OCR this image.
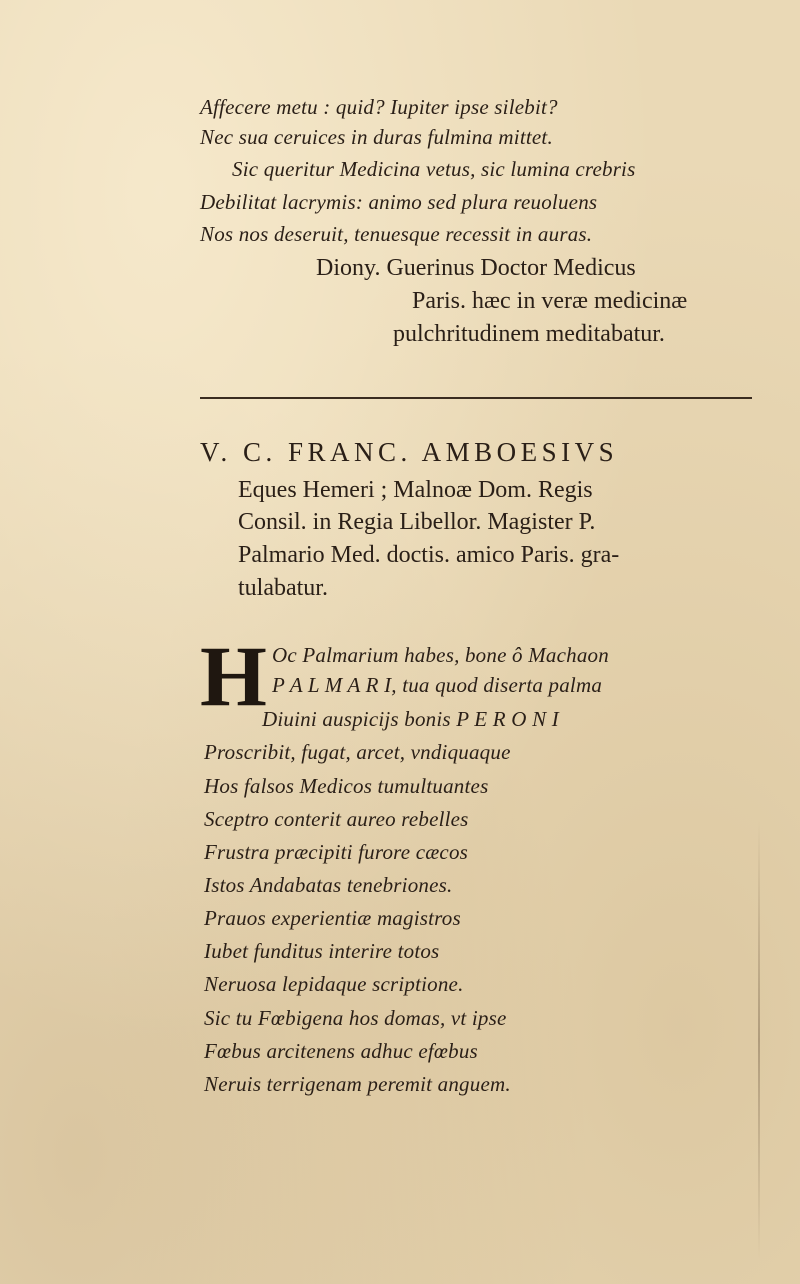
Affecere metu : quid? Iupiter ipse silebit?
Nec sua ceruices in duras fulmina mittet.
Sic queritur Medicina vetus, sic lumina crebris
Debilitat lacrymis: animo sed plura reuoluens
Nos nos deseruit, tenuesque recessit in auras.
Diony. Guerinus Doctor Medicus
Paris. hæc in veræ medicinæ
pulchritudinem meditabatur.
V. C. FRANC. AMBOESIVS
Eques Hemeri ; Malnoæ Dom. Regis
Consil. in Regia Libellor. Magister P.
Palmario Med. doctis. amico Paris. gra-
tulabatur.
H Oc Palmarium habes, bone ô Machaon
P A L M A R I, tua quod diserta palma
Diuini auspicijs bonis P E R O N I
Proscribit, fugat, arcet, vndiquaque
Hos falsos Medicos tumultuantes
Sceptro conterit aureo rebelles
Frustra præcipiti furore cæcos
Istos Andabatas tenebriones.
Prauos experientiæ magistros
Iubet funditus interire totos
Neruosa lepidaque scriptione.
Sic tu Fœbigena hos domas, vt ipse
Fœbus arcitenens adhuc efœbus
Neruis terrigenam peremit anguem.
